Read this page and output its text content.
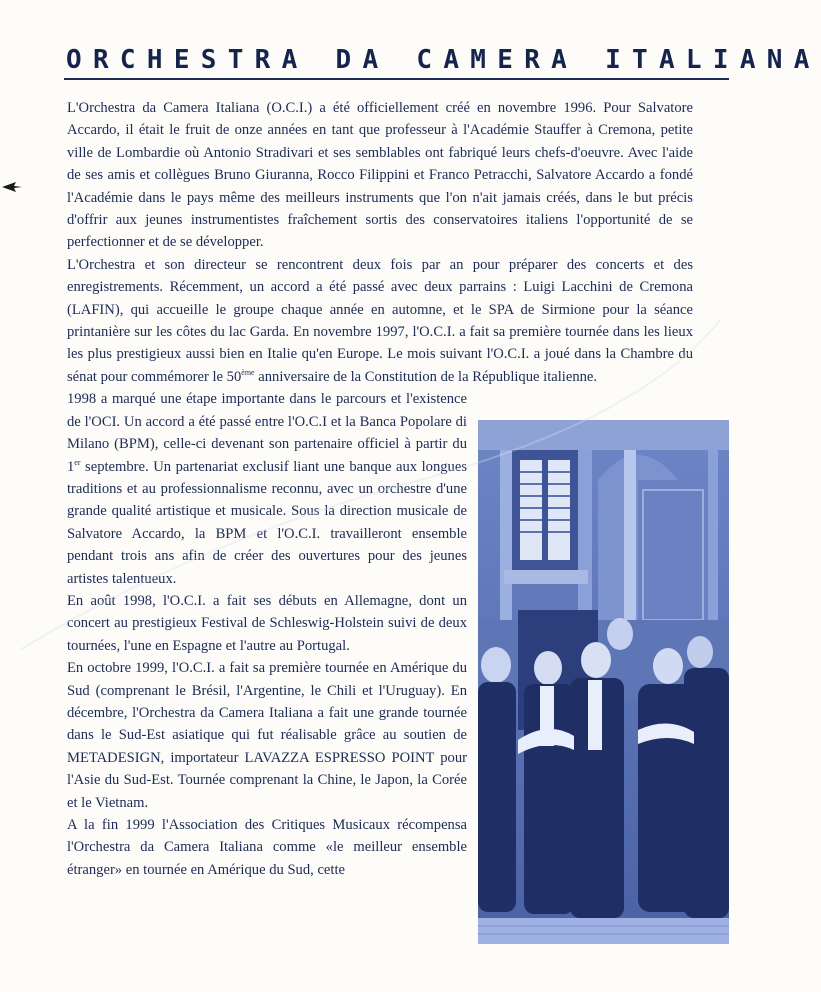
ORCHESTRA DA CAMERA ITALIANA

L'Orchestra da Camera Italiana (O.C.I.) a été officiellement créé en novembre 1996. Pour Salvatore Accardo, il était le fruit de onze années en tant que professeur à l'Académie Stauffer à Cremona, petite ville de Lombardie où Antonio Stradivari et ses semblables ont fabriqué leurs chefs-d'oeuvre. Avec l'aide de ses amis et collègues Bruno Giuranna, Rocco Filippini et Franco Petracchi, Salvatore Accardo a fondé l'Académie dans le pays même des meilleurs instruments que l'on n'ait jamais créés, dans le but précis d'offrir aux jeunes instrumentistes fraîchement sortis des conservatoires italiens l'opportunité de se perfectionner et de se développer.

L'Orchestra et son directeur se rencontrent deux fois par an pour préparer des concerts et des enregistrements. Récemment, un accord a été passé avec deux parrains : Luigi Lacchini de Cremona (LAFIN), qui accueille le groupe chaque année en automne, et le SPA de Sirmione pour la séance printanière sur les côtes du lac Garda. En novembre 1997, l'O.C.I. a fait sa première tournée dans les lieux les plus prestigieux aussi bien en Italie qu'en Europe. Le mois suivant l'O.C.I. a joué dans la Chambre du sénat pour commémorer le 50ème anniversaire de la Constitution de la République italienne.

1998 a marqué une étape importante dans le parcours et l'existence de l'OCI. Un accord a été passé entre l'O.C.I et la Banca Popolare di Milano (BPM), celle-ci devenant son partenaire officiel à partir du 1er septembre. Un partenariat exclusif liant une banque aux longues traditions et au professionnalisme reconnu, avec un orchestre d'une grande qualité artistique et musicale. Sous la direction musicale de Salvatore Accardo, la BPM et l'O.C.I. travailleront ensemble pendant trois ans afin de créer des ouvertures pour des jeunes artistes talentueux.

En août 1998, l'O.C.I. a fait ses débuts en Allemagne, dont un concert au prestigieux Festival de Schleswig-Holstein suivi de deux tournées, l'une en Espagne et l'autre au Portugal.

En octobre 1999, l'O.C.I. a fait sa première tournée en Amérique du Sud (comprenant le Brésil, l'Argentine, le Chili et l'Uruguay). En décembre, l'Orchestra da Camera Italiana a fait une grande tournée dans le Sud-Est asiatique qui fut réalisable grâce au soutien de METADESIGN, importateur LAVAZZA ESPRESSO POINT pour l'Asie du Sud-Est. Tournée comprenant la Chine, le Japon, la Corée et le Vietnam.

A la fin 1999 l'Association des Critiques Musicaux récompensa l'Orchestra da Camera Italiana comme «le meilleur ensemble étranger» en tournée en Amérique du Sud, cette
